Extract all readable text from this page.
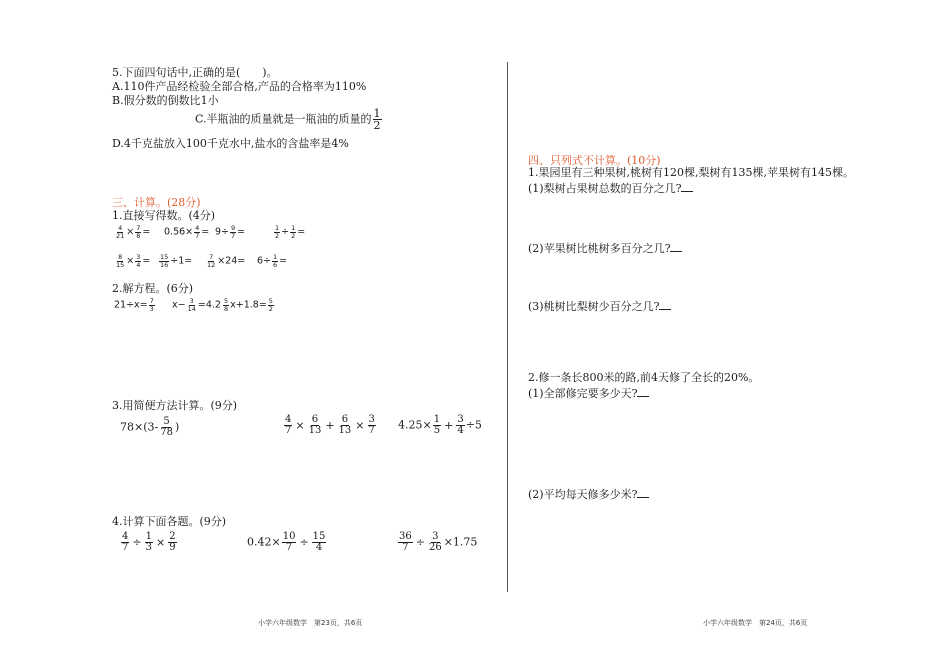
5.下面四句话中,正确的是(　　)。
A.110件产品经检验全部合格,产品的合格率为110%
B.假分数的倒数比1小
C.半瓶油的质量就是一瓶油的质量的 $\frac{1}{2}$
D.4千克盐放入100千克水中,盐水的含盐率是4%
三、计算。(28分)
1.直接写得数。(4分)
$\frac{4}{21} \times \frac{7}{8} = 0.56\times \frac{4}{7} = 9\div \frac{9}{7}$ =	$\frac{1}{2} \div \frac{1}{2}$ =
$\frac{8}{15} \times \frac{3}{4} = \frac{15}{16} \div 1= \frac{7}{12} \times 24= 6\div \frac{1}{6}$ =
2.解方程。(6分)
$21\div x= \frac{7}{3} x- \frac{3}{14} =4.2 \frac{5}{8} x+1.8= \frac{5}{2}$
3.用简便方法计算。(9分)
$78\times(3- \frac{5}{78}$ )	$\frac{4}{7} \times \frac{6}{13} + \frac{6}{13} \times \frac{3}{7} 4.25\times \frac{1}{5} + \frac{3}{4} \div 5$
4.计算下面各题。(9分)
$\frac{4}{7} \div \frac{1}{3} \times \frac{2}{9}$	$0.42\times \frac{10}{7} \div \frac{15}{4}$	$\frac{36}{7} \div \frac{3}{26} \times 1.75$
小学六年级数学　第23页，共6页
四、只列式不计算。(10分)
1.果园里有三种果树,桃树有120棵,梨树有135棵,苹果树有145棵。
(1)梨树占果树总数的百分之几?
(2)苹果树比桃树多百分之几?
(3)桃树比梨树少百分之几?
2.修一条长800米的路,前4天修了全长的20%。
(1)全部修完要多少天?
(2)平均每天修多少米?
小学六年级数学　第24页，共6页
